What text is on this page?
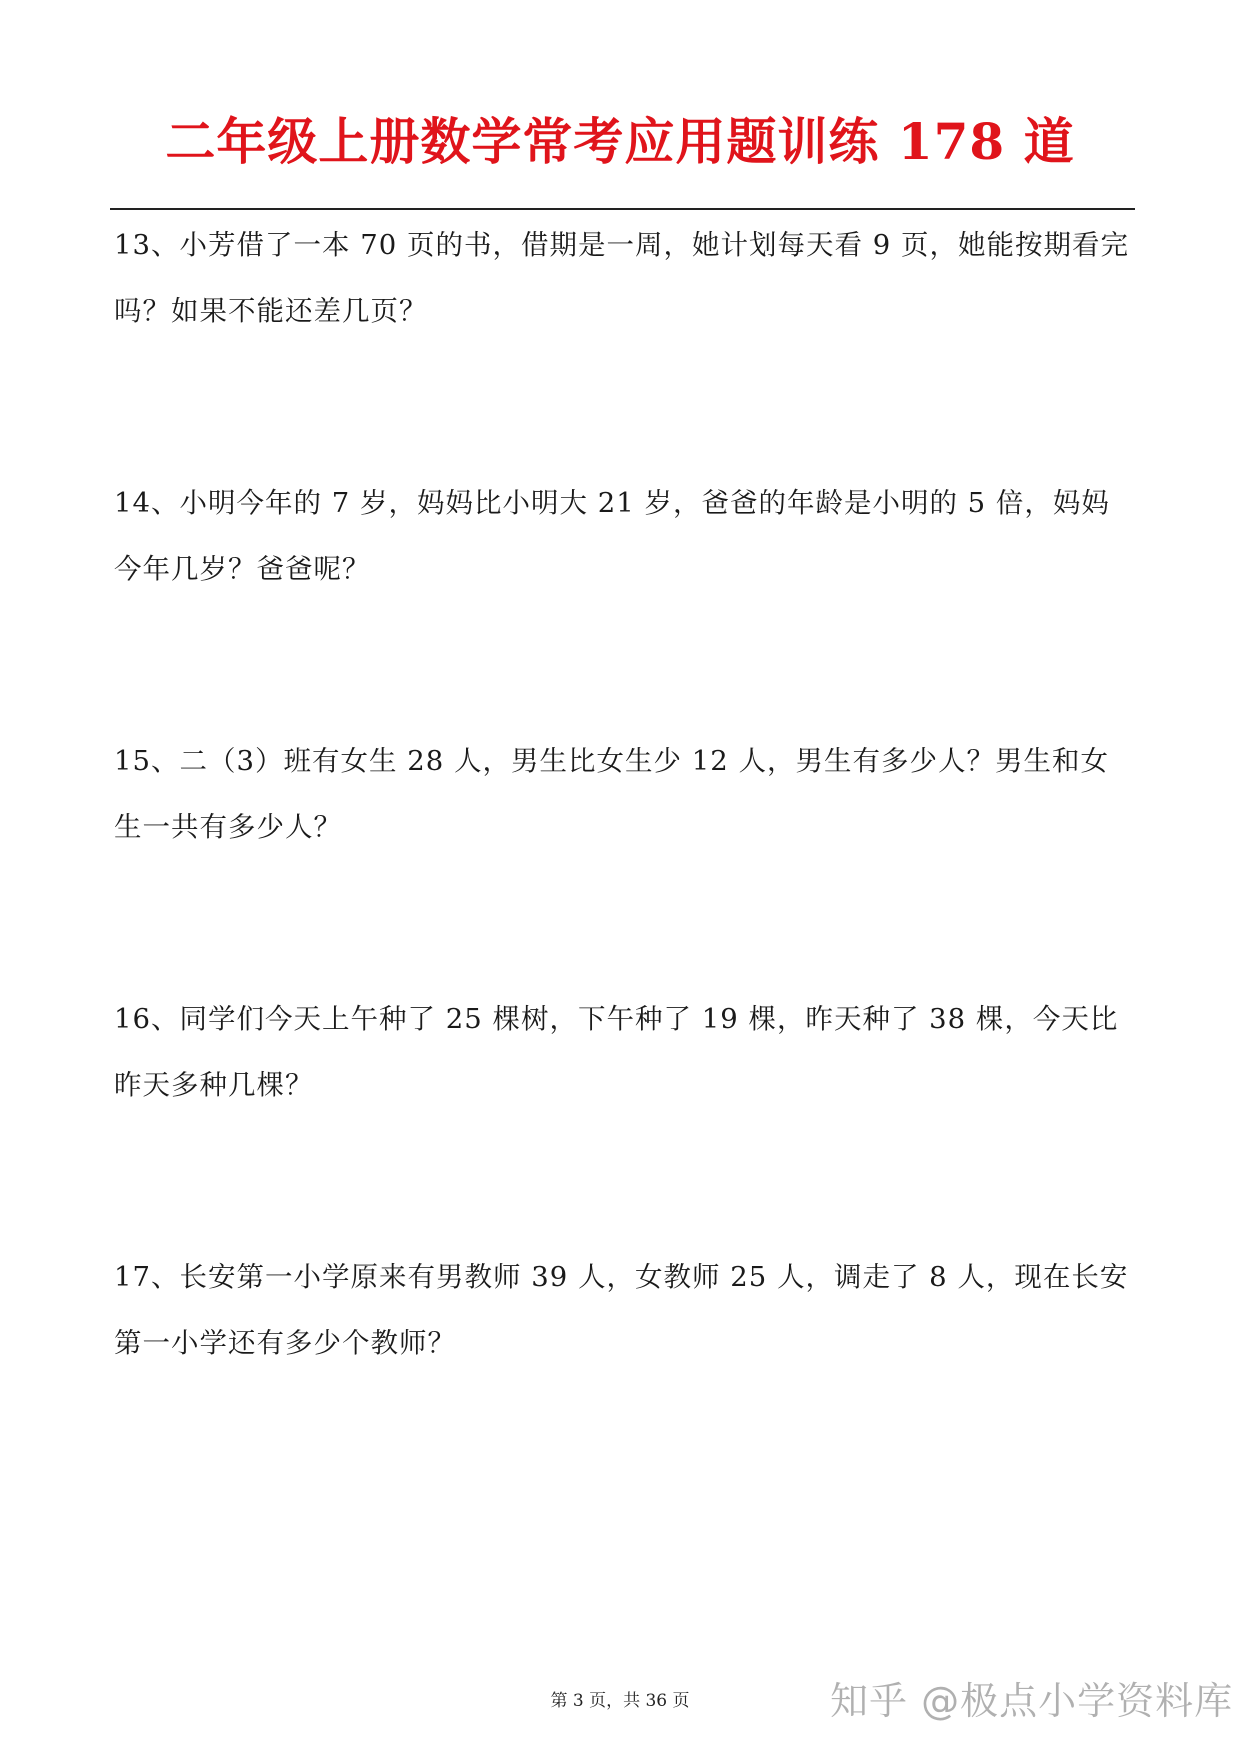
二年级上册数学常考应用题训练 178 道

13、小芳借了一本 70 页的书，借期是一周，她计划每天看 9 页，她能按期看完吗？如果不能还差几页？

14、小明今年的 7 岁，妈妈比小明大 21 岁，爸爸的年龄是小明的 5 倍，妈妈今年几岁？爸爸呢？

15、二（3）班有女生 28 人，男生比女生少 12 人，男生有多少人？男生和女生一共有多少人？

16、同学们今天上午种了 25 棵树，下午种了 19 棵，昨天种了 38 棵，今天比昨天多种几棵？

17、长安第一小学原来有男教师 39 人，女教师 25 人，调走了 8 人，现在长安第一小学还有多少个教师？

第 3 页，共 36 页	知乎 @极点小学资料库
